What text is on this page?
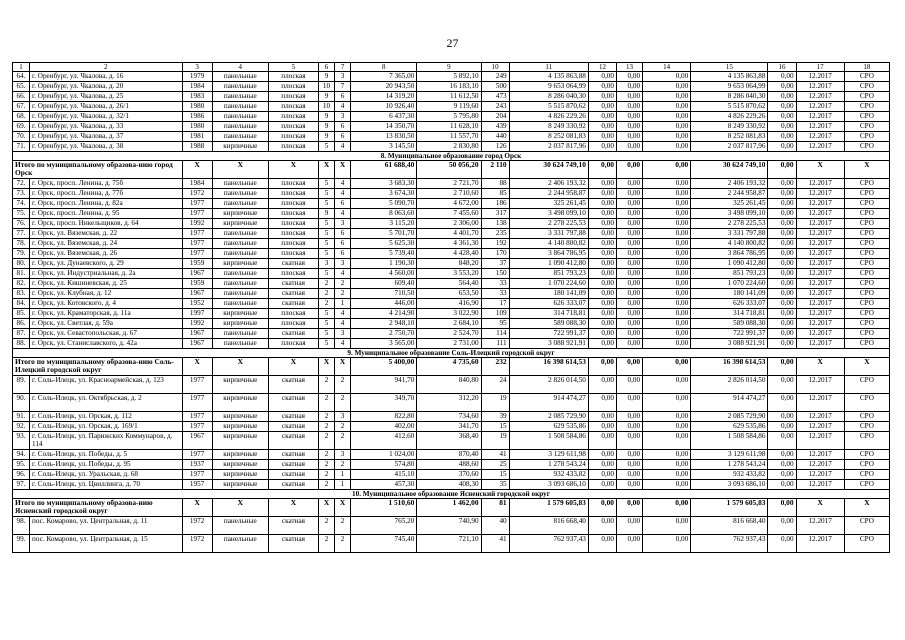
27
1	2	3	4	5	6	7	8	9	10	11	12	13	14	15	16	17	18
64.	г. Оренбург, ул. Чкалова, д. 16	1979	панельные	плоская	9	3	7 365,00	5 892,10	249	4 135 863,88	0,00	0,00	0,00	4 135 863,88	0,00	12.2017	СРО
65.	г. Оренбург, ул. Чкалова, д. 20	1984	панельные	плоская	10	7	20 943,50	16 183,10	500	9 653 064,99	0,00	0,00	0,00	9 653 064,99	0,00	12.2017	СРО
66.	г. Оренбург, ул. Чкалова, д. 25	1983	панельные	плоская	9	6	14 319,20	11 612,50	473	8 286 040,30	0,00	0,00	0,00	8 286 040,30	0,00	12.2017	СРО
67.	г. Оренбург, ул. Чкалова, д. 26/1	1980	панельные	плоская	10	4	10 926,40	9 119,60	243	5 515 870,62	0,00	0,00	0,00	5 515 870,62	0,00	12.2017	СРО
68.	г. Оренбург, ул. Чкалова, д. 32/1	1986	панельные	плоская	9	3	6 437,30	5 795,80	204	4 826 229,26	0,00	0,00	0,00	4 826 229,26	0,00	12.2017	СРО
69.	г. Оренбург, ул. Чкалова, д. 33	1980	панельные	плоская	9	6	14 350,70	11 628,10	439	8 249 330,92	0,00	0,00	0,00	8 249 330,92	0,00	12.2017	СРО
70.	г. Оренбург, ул. Чкалова, д. 37	1981	панельные	плоская	9	6	13 830,50	11 557,70	440	8 252 081,83	0,00	0,00	0,00	8 252 081,83	0,00	12.2017	СРО
71.	г. Оренбург, ул. Чкалова, д. 38	1988	кирпичные	плоская	5	4	3 145,50	2 830,80	126	2 037 817,96	0,00	0,00	0,00	2 037 817,96	0,00	12.2017	СРО
8. Муниципальное образование город Орск																	
Итого по муниципальному образова-нию город Орск		X	X	X	X	X	61 688,40	50 056,20	2 110	30 624 749,10	0,00	0,00	0,00	30 624 749,10	0,00	X	X
72.	г. Орск, просп. Ленина, д. 75б	1984	панельные	плоская	5	4	3 683,30	2 721,70	88	2 406 193,32	0,00	0,00	0,00	2 406 193,32	0,00	12.2017	СРО
73.	г. Орск, просп. Ленина, д. 77б	1972	панельные	плоская	5	4	3 674,30	2 710,60	85	2 244 958,87	0,00	0,00	0,00	2 244 958,87	0,00	12.2017	СРО
74.	г. Орск, просп. Ленина, д. 82а	1977	панельные	плоская	5	6	5 090,70	4 672,00	186	325 261,45	0,00	0,00	0,00	325 261,45	0,00	12.2017	СРО
75.	г. Орск, просп. Ленина, д. 95	1977	кирпичные	плоская	9	4	8 063,60	7 455,60	317	3 498 099,10	0,00	0,00	0,00	3 498 099,10	0,00	12.2017	СРО
76.	г. Орск, просп. Никельщиков, д. 64	1992	кирпичные	плоская	5	3	3 115,20	2 306,00	138	2 278 225,53	0,00	0,00	0,00	2 278 225,53	0,00	12.2017	СРО
77.	г. Орск, ул. Вяземская, д. 22	1977	панельные	плоская	5	6	5 701,70	4 401,70	235	3 331 797,88	0,00	0,00	0,00	3 331 797,88	0,00	12.2017	СРО
78.	г. Орск, ул. Вяземская, д. 24	1977	панельные	плоская	5	6	5 625,30	4 361,30	192	4 140 800,82	0,00	0,00	0,00	4 140 800,82	0,00	12.2017	СРО
79.	г. Орск, ул. Вяземская, д. 26	1977	панельные	плоская	5	6	5 739,40	4 428,40	170	3 864 786,95	0,00	0,00	0,00	3 864 786,95	0,00	12.2017	СРО
80.	г. Орск, ул. Дунаевского, д. 29	1959	кирпичные	скатная	3	3	1 190,30	848,20	37	1 090 412,80	0,00	0,00	0,00	1 090 412,80	0,00	12.2017	СРО
81.	г. Орск, ул. Индустриальная, д. 2а	1967	панельные	плоская	5	4	4 560,00	3 553,20	150	851 793,23	0,00	0,00	0,00	851 793,23	0,00	12.2017	СРО
82.	г. Орск, ул. Кишиневская, д. 25	1959	панельные	скатная	2	2	609,40	564,40	33	1 070 224,60	0,00	0,00	0,00	1 070 224,60	0,00	12.2017	СРО
83.	г. Орск, ул. Клубная, д. 12	1967	панельные	скатная	2	2	710,50	653,50	33	180 141,09	0,00	0,00	0,00	180 141,09	0,00	12.2017	СРО
84.	г. Орск, ул. Котовского, д. 4	1952	панельные	скатная	2	1	446,00	416,90	17	626 333,07	0,00	0,00	0,00	626 333,07	0,00	12.2017	СРО
85.	г. Орск, ул. Краматорская, д. 11а	1997	кирпичные	плоская	5	4	4 214,90	3 022,90	109	314 718,81	0,00	0,00	0,00	314 718,81	0,00	12.2017	СРО
86.	г. Орск, ул. Светлая, д. 59а	1992	кирпичные	плоская	5	4	2 948,10	2 684,10	95	589 088,30	0,00	0,00	0,00	589 088,30	0,00	12.2017	СРО
87.	г. Орск, ул. Севастопольская, д. 67	1967	панельные	скатная	5	3	2 750,70	2 524,70	114	722 991,37	0,00	0,00	0,00	722 991,37	0,00	12.2017	СРО
88.	г. Орск, ул. Станиславского, д. 42а	1967	панельные	плоская	5	4	3 565,00	2 731,00	111	3 088 921,91	0,00	0,00	0,00	3 088 921,91	0,00	12.2017	СРО
9. Муниципальное образование Соль-Илецкий городской округ																	
Итого по муниципальному образова-нию Соль-Илецкий городской округ		X	X	X	X	X	5 400,00	4 735,60	232	16 398 614,53	0,00	0,00	0,00	16 398 614,53	0,00	X	X
89.	г. Соль-Илецк, ул. Красноармейская, д. 123	1977	кирпичные	скатная	2	2	941,70	840,80	24	2 826 014,50	0,00	0,00	0,00	2 826 014,50	0,00	12.2017	СРО
90.	г. Соль-Илецк, ул. Октябрьская, д. 2	1977	кирпичные	скатная	2	2	349,70	312,20	19	914 474,27	0,00	0,00	0,00	914 474,27	0,00	12.2017	СРО
91.	г. Соль-Илецк, ул. Орская, д. 112	1977	кирпичные	скатная	2	3	822,80	734,60	39	2 085 729,90	0,00	0,00	0,00	2 085 729,90	0,00	12.2017	СРО
92.	г. Соль-Илецк, ул. Орская, д. 169/1	1977	кирпичные	скатная	2	2	402,00	341,70	15	629 535,86	0,00	0,00	0,00	629 535,86	0,00	12.2017	СРО
93.	г. Соль-Илецк, ул. Парижских Коммунаров, д. 114	1967	кирпичные	скатная	2	2	412,60	368,40	19	1 508 584,86	0,00	0,00	0,00	1 508 584,86	0,00	12.2017	СРО
94.	г. Соль-Илецк, ул. Победы, д. 5	1977	кирпичные	скатная	2	3	1 024,00	870,40	41	3 129 611,98	0,00	0,00	0,00	3 129 611,98	0,00	12.2017	СРО
95.	г. Соль-Илецк, ул. Победы, д. 95	1937	кирпичные	скатная	2	2	574,80	488,60	25	1 278 543,24	0,00	0,00	0,00	1 278 543,24	0,00	12.2017	СРО
96.	г. Соль-Илецк, ул. Уральская, д. 68	1977	кирпичные	скатная	2	1	415,10	370,60	15	932 433,82	0,00	0,00	0,00	932 433,82	0,00	12.2017	СРО
97.	г. Соль-Илецк, ул. Цвиллинга, д. 70	1957	кирпичные	скатная	2	1	457,30	408,30	35	3 093 686,10	0,00	0,00	0,00	3 093 686,10	0,00	12.2017	СРО
10. Муниципальное образование Ясненский городской округ																	
Итого по муниципальному образова-нию Ясненский городской округ		X	X	X	X	X	1 510,60	1 462,00	81	1 579 605,83	0,00	0,00	0,00	1 579 605,83	0,00	X	X
98.	пос. Комарово, ул. Центральная, д. 11	1972	панельные	скатная	2	2	765,20	740,90	40	816 668,40	0,00	0,00	0,00	816 668,40	0,00	12.2017	СРО
99.	пос. Комарово, ул. Центральная, д. 15	1972	панельные	скатная	2	2	745,40	721,10	41	762 937,43	0,00	0,00	0,00	762 937,43	0,00	12.2017	СРО
